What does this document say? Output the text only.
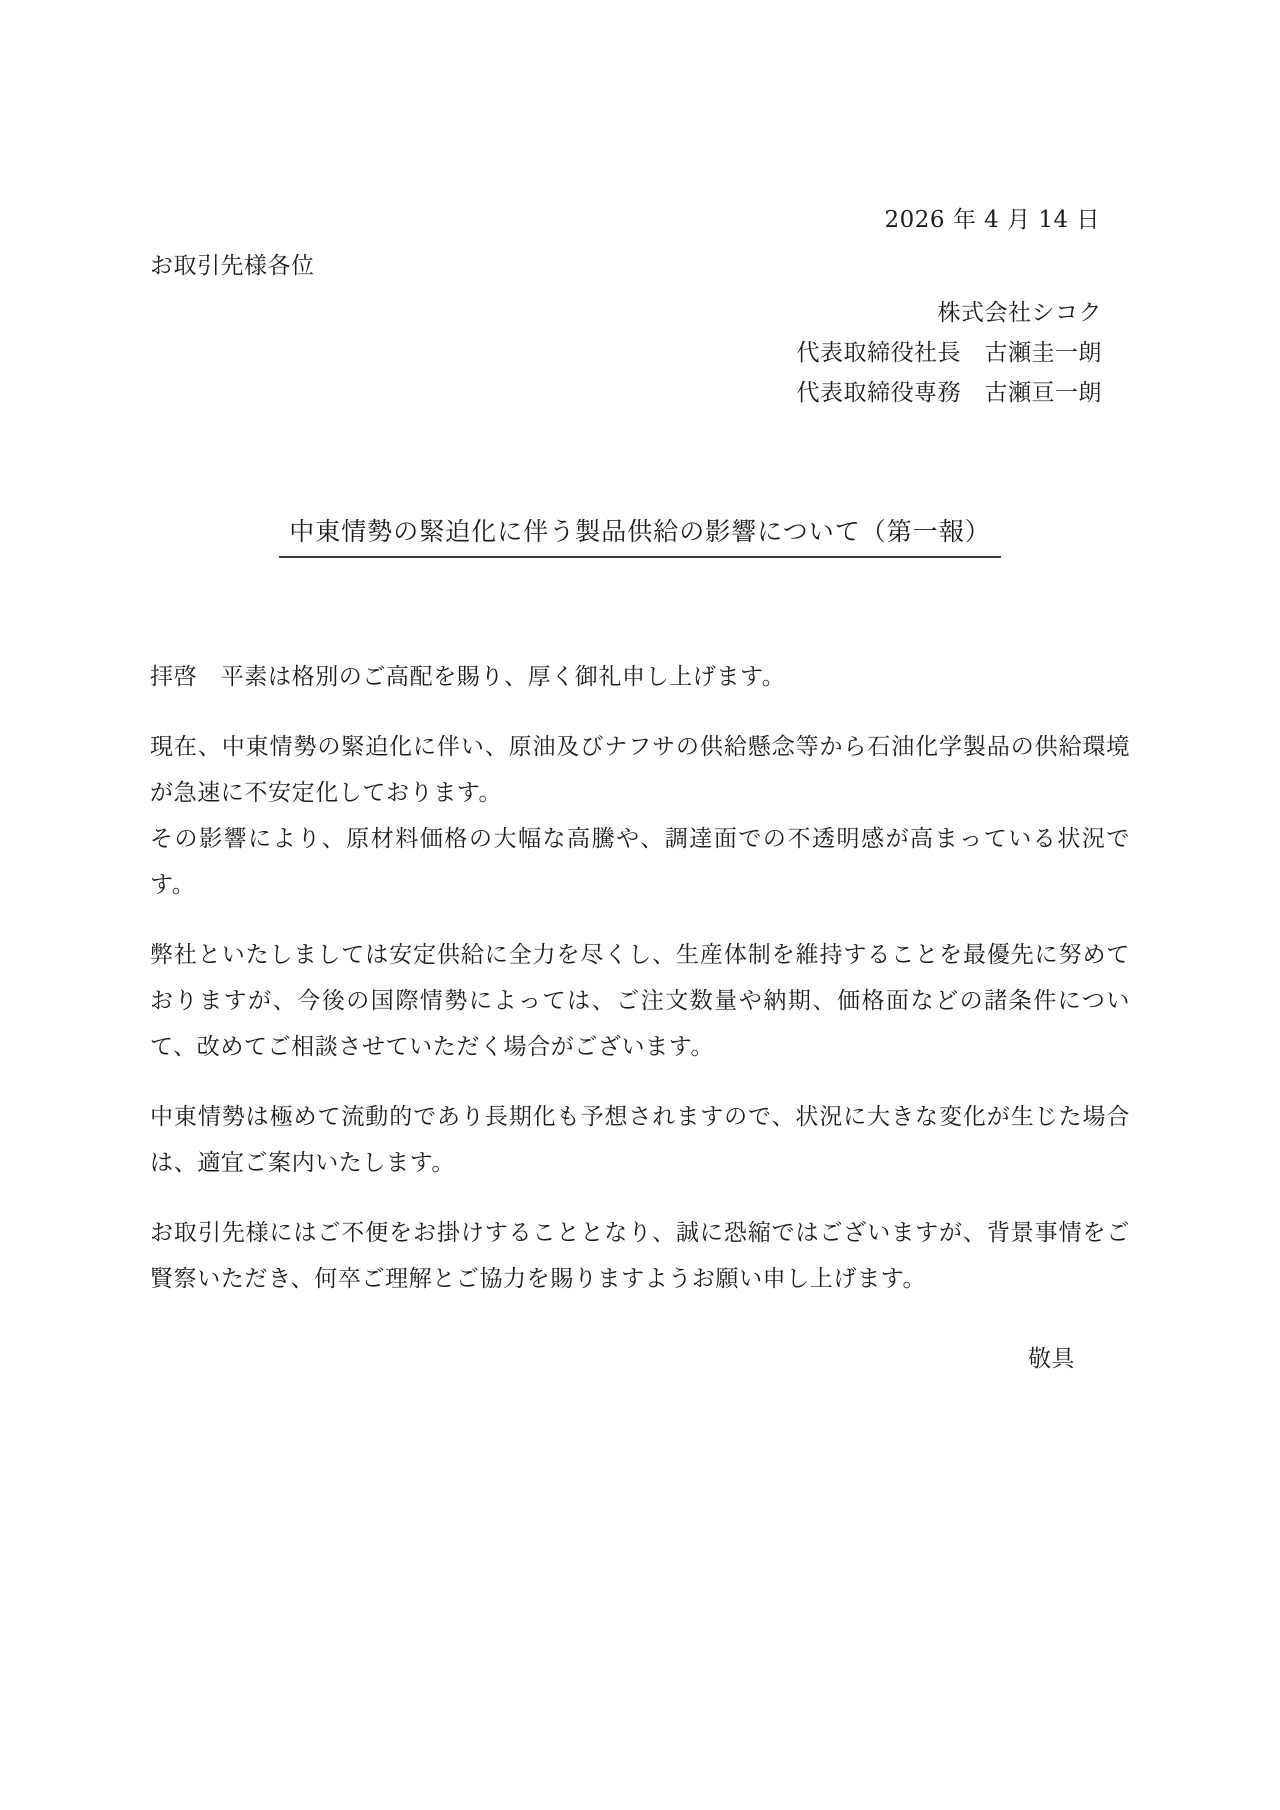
2026 年 4 月 14 日
お取引先様各位
株式会社シコク
代表取締役社長　古瀬圭一朗
代表取締役専務　古瀬亘一朗
中東情勢の緊迫化に伴う製品供給の影響について（第一報）

拝啓　平素は格別のご高配を賜り、厚く御礼申し上げます。

現在、中東情勢の緊迫化に伴い、原油及びナフサの供給懸念等から石油化学製品の供給環境が急速に不安定化しております。
その影響により、原材料価格の大幅な高騰や、調達面での不透明感が高まっている状況です。

弊社といたしましては安定供給に全力を尽くし、生産体制を維持することを最優先に努めておりますが、今後の国際情勢によっては、ご注文数量や納期、価格面などの諸条件について、改めてご相談させていただく場合がございます。

中東情勢は極めて流動的であり長期化も予想されますので、状況に大きな変化が生じた場合は、適宜ご案内いたします。

お取引先様にはご不便をお掛けすることとなり、誠に恐縮ではございますが、背景事情をご賢察いただき、何卒ご理解とご協力を賜りますようお願い申し上げます。

敬具
